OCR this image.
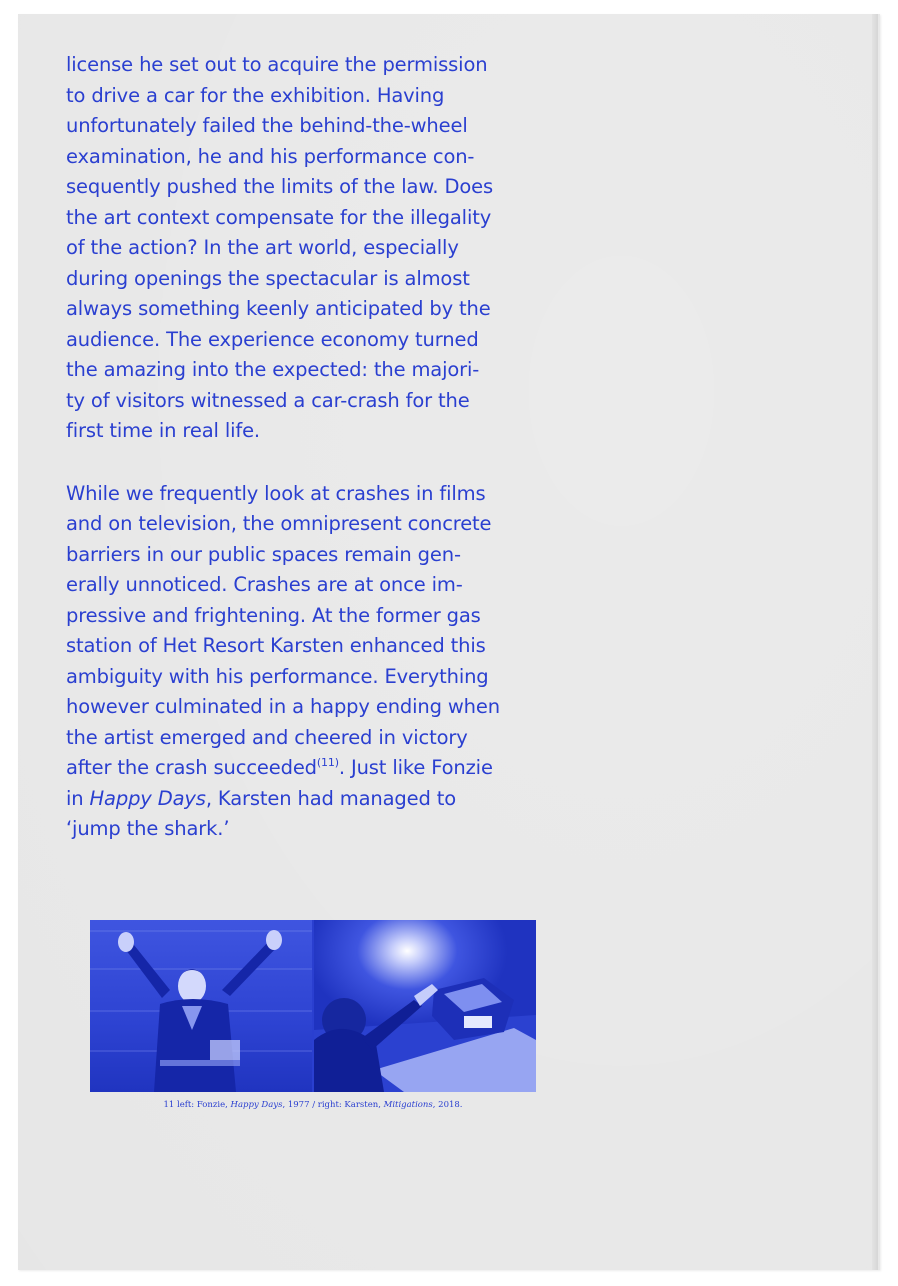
license he set out to acquire the permission
to drive a car for the exhibition. Having
unfortunately failed the behind-the-wheel
examination, he and his performance con-
sequently pushed the limits of the law. Does
the art context compensate for the illegality
of the action? In the art world, especially
during openings the spectacular is almost
always something keenly anticipated by the
audience. The experience economy turned
the amazing into the expected: the majori-
ty of visitors witnessed a car-crash for the
first time in real life.
While we frequently look at crashes in films
and on television, the omnipresent concrete
barriers in our public spaces remain gen-
erally unnoticed. Crashes are at once im-
pressive and frightening. At the former gas
station of Het Resort Karsten enhanced this
ambiguity with his performance. Everything
however culminated in a happy ending when
the artist emerged and cheered in victory
after the crash succeeded$^{(11)}$. Just like Fonzie
in Happy Days, Karsten had managed to
‘jump the shark.’
11 left: Fonzie, Happy Days, 1977 / right: Karsten, Mitigations, 2018.
